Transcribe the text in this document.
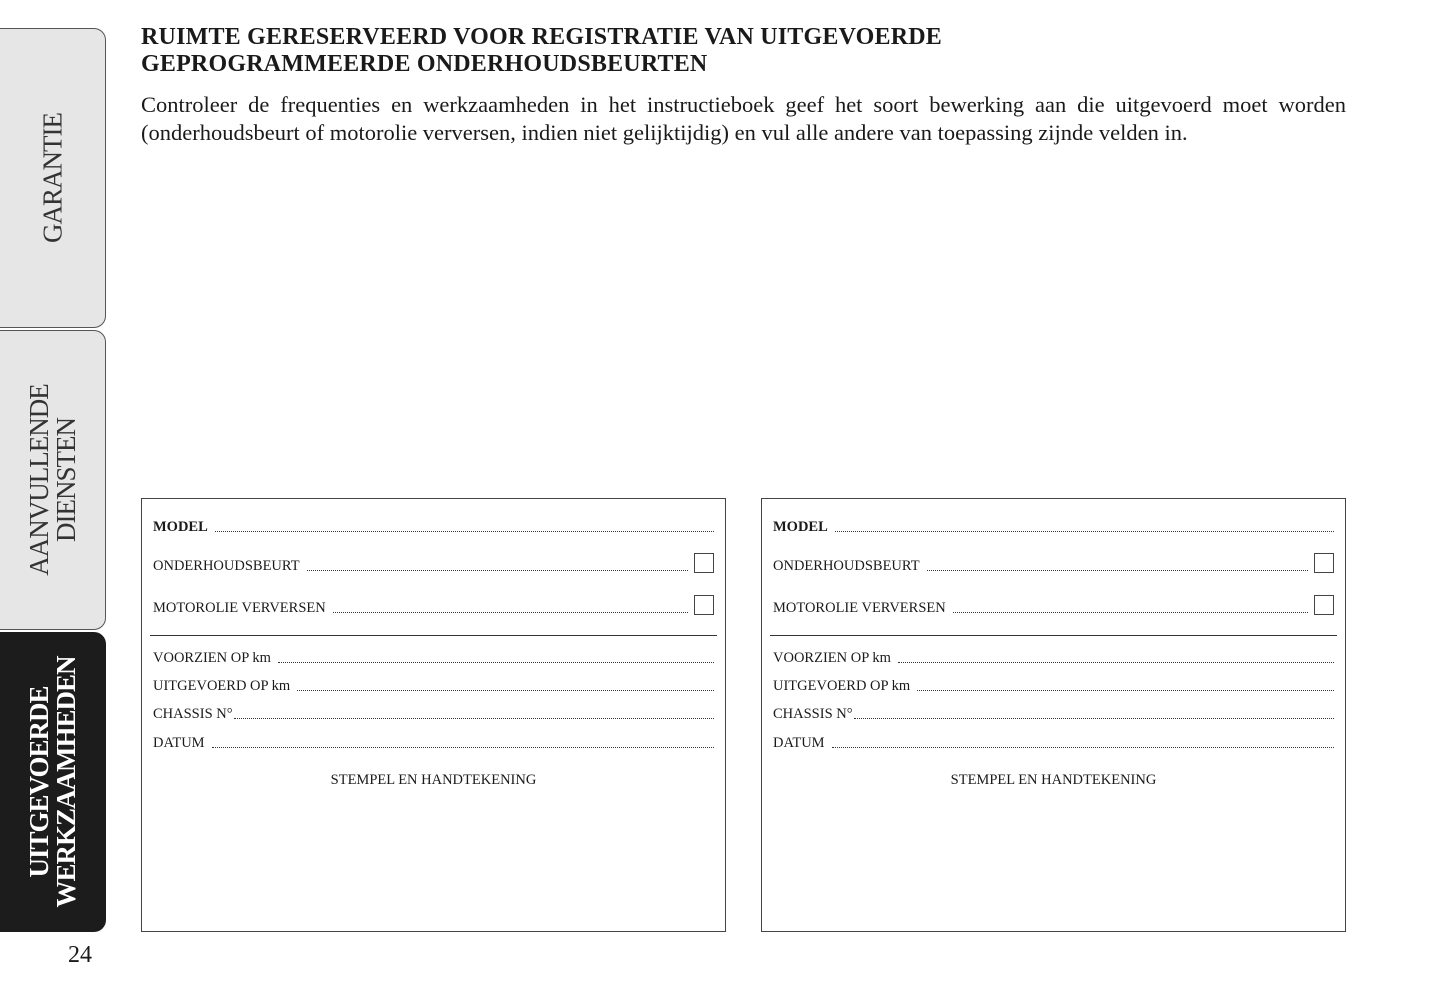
GARANTIE
AANVULLENDE
DIENSTEN
UITGEVOERDE
WERKZAAMHEDEN
24
RUIMTE GERESERVEERD VOOR REGISTRATIE VAN UITGEVOERDE
GEPROGRAMMEERDE ONDERHOUDSBEURTEN
Controleer de frequenties en werkzaamheden in het instructieboek geef het soort bewerking aan die uitgevoerd moet worden (onderhoudsbeurt of motorolie verversen, indien niet gelijktijdig) en vul alle andere van toepassing zijnde velden in.
MODEL
ONDERHOUDSBEURT
MOTOROLIE VERVERSEN
VOORZIEN OP km
UITGEVOERD OP km
CHASSIS N°
DATUM
STEMPEL EN HANDTEKENING
MODEL
ONDERHOUDSBEURT
MOTOROLIE VERVERSEN
VOORZIEN OP km
UITGEVOERD OP km
CHASSIS N°
DATUM
STEMPEL EN HANDTEKENING
